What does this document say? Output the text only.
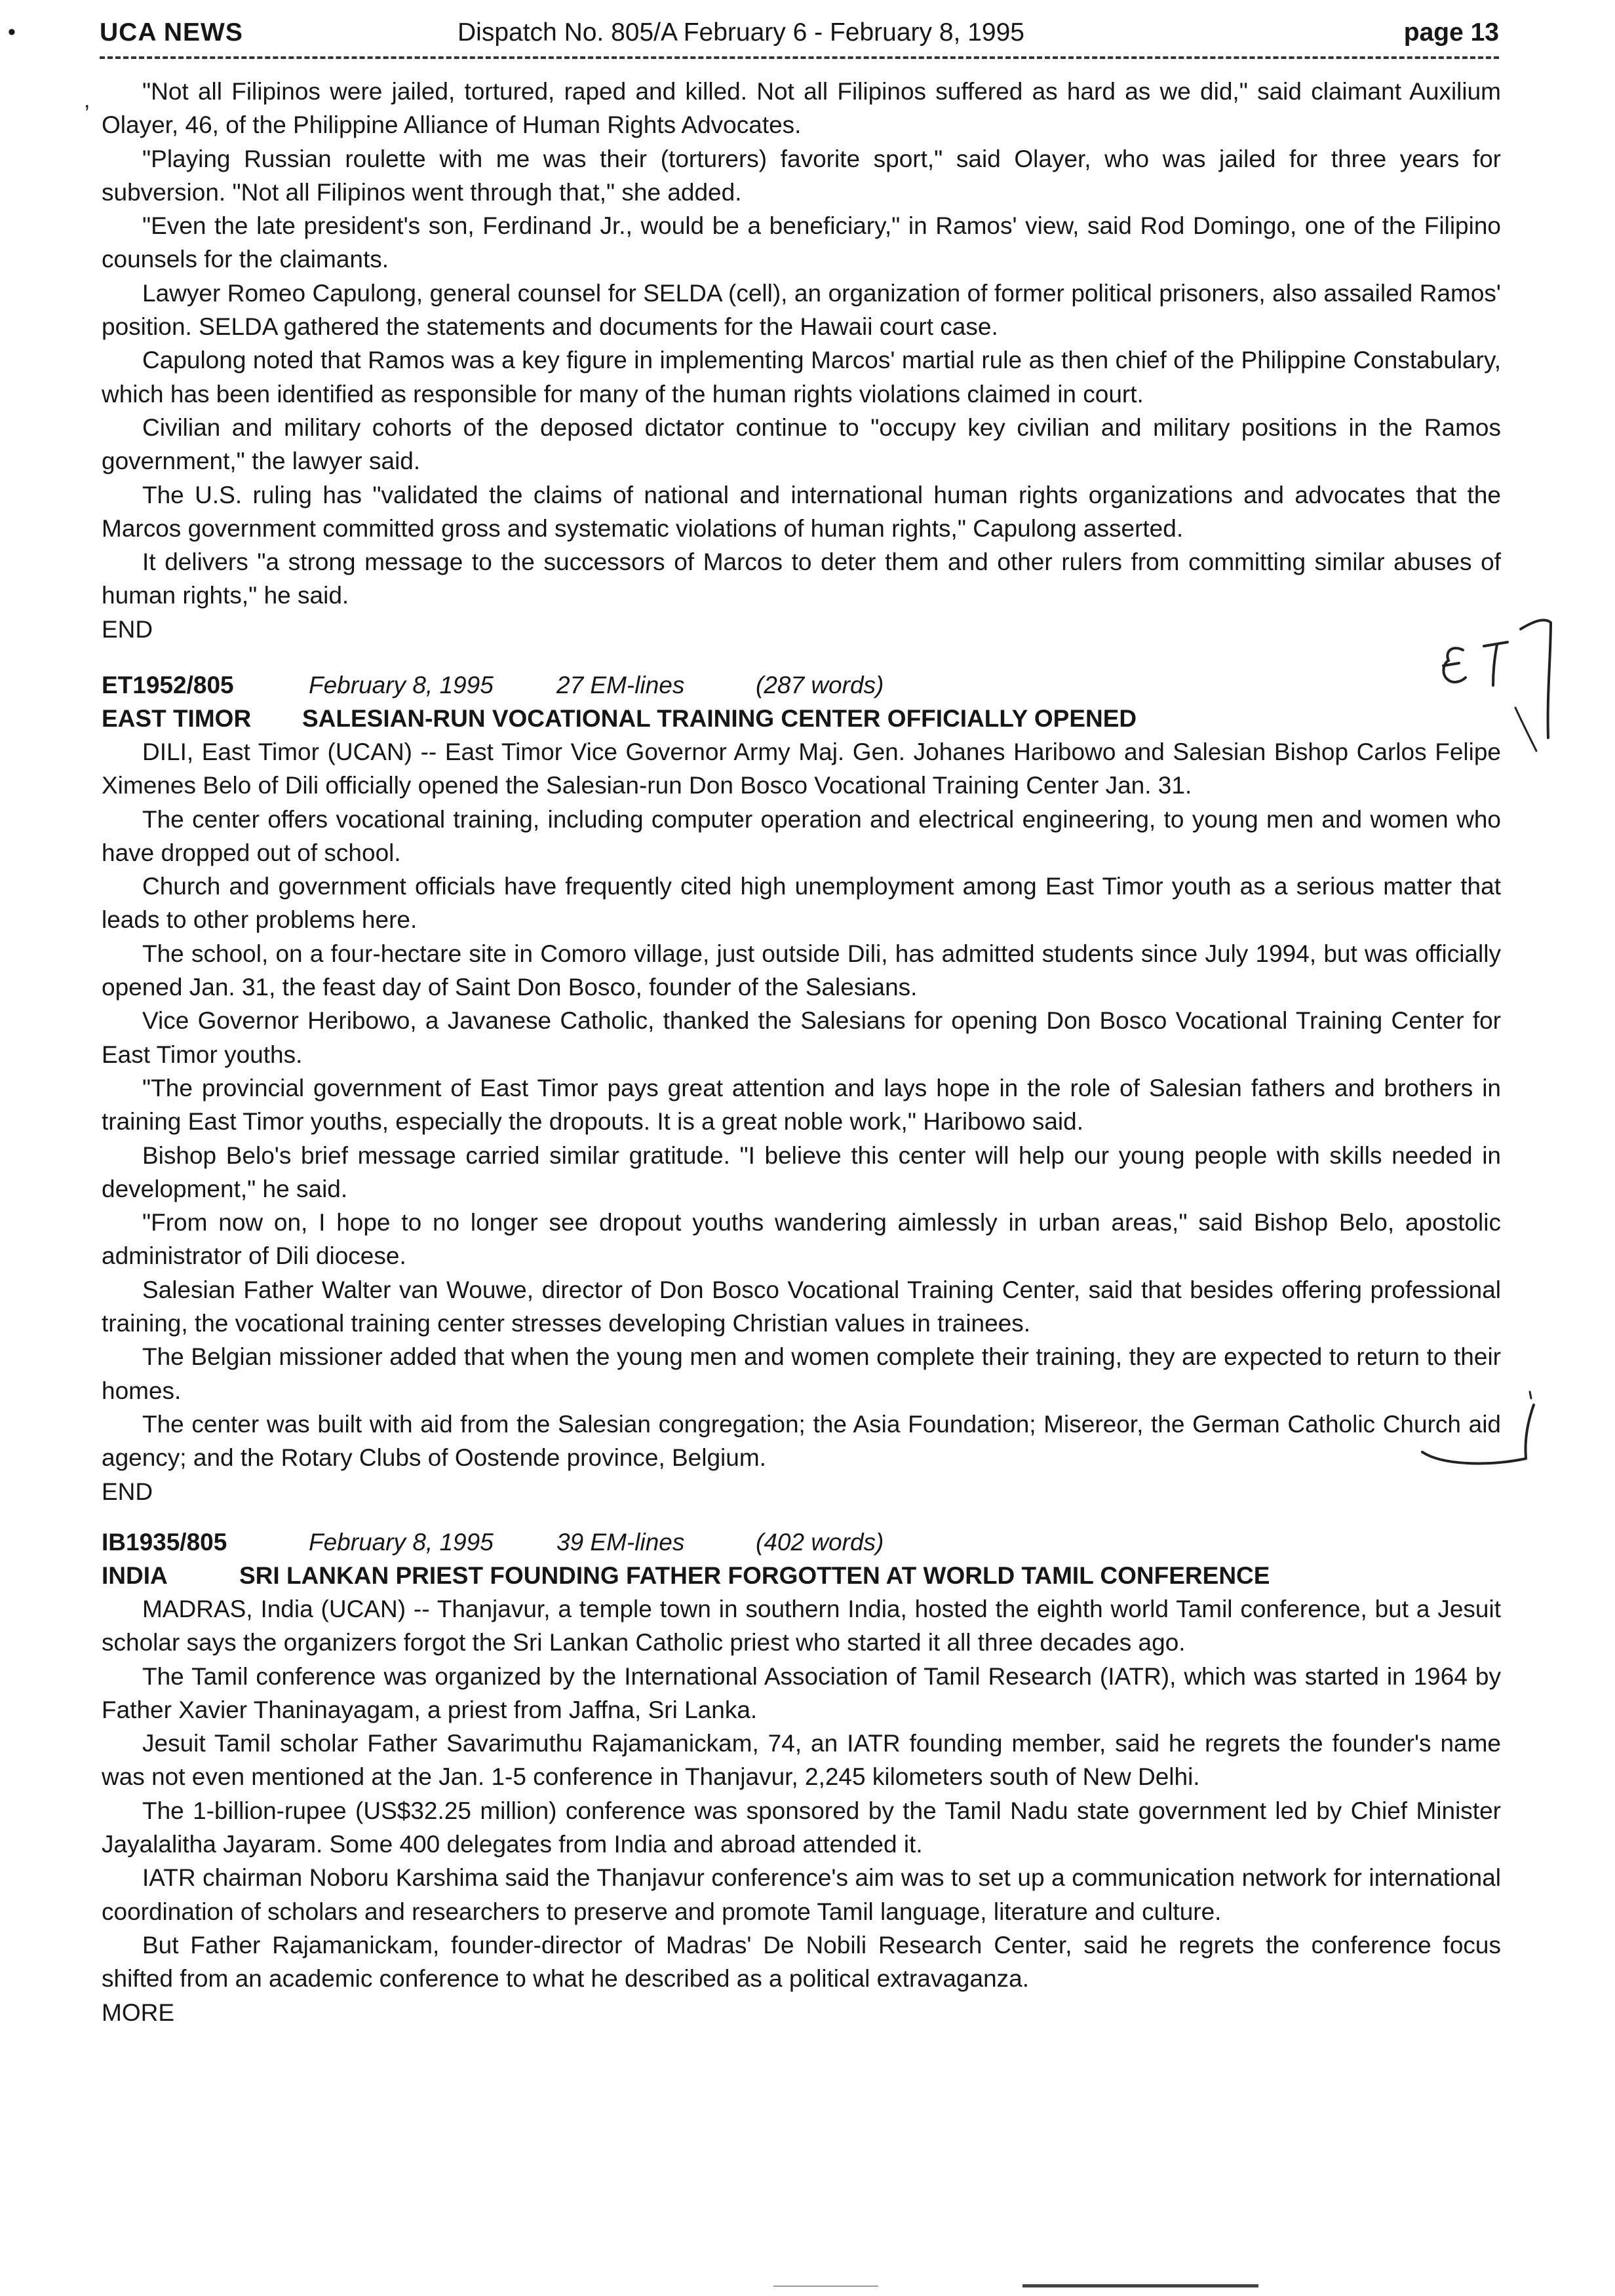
•	UCA NEWS	Dispatch No. 805/A February 6 - February 8, 1995	page 13
,	"Not all Filipinos were jailed, tortured, raped and killed. Not all Filipinos suffered as hard as we did," said claimant Auxilium Olayer, 46, of the Philippine Alliance of Human Rights Advocates.

"Playing Russian roulette with me was their (torturers) favorite sport," said Olayer, who was jailed for three years for subversion. "Not all Filipinos went through that," she added.

"Even the late president's son, Ferdinand Jr., would be a beneficiary," in Ramos' view, said Rod Domingo, one of the Filipino counsels for the claimants.

Lawyer Romeo Capulong, general counsel for SELDA (cell), an organization of former political prisoners, also assailed Ramos' position. SELDA gathered the statements and documents for the Hawaii court case.

Capulong noted that Ramos was a key figure in implementing Marcos' martial rule as then chief of the Philippine Constabulary, which has been identified as responsible for many of the human rights violations claimed in court.

Civilian and military cohorts of the deposed dictator continue to "occupy key civilian and military positions in the Ramos government," the lawyer said.

The U.S. ruling has "validated the claims of national and international human rights organizations and advocates that the Marcos government committed gross and systematic violations of human rights," Capulong asserted.

It delivers "a strong message to the successors of Marcos to deter them and other rulers from committing similar abuses of human rights," he said.

END

ET1952/805	February 8, 1995	27 EM-lines	(287 words)
EAST TIMOR SALESIAN-RUN VOCATIONAL TRAINING CENTER OFFICIALLY OPENED

DILI, East Timor (UCAN) -- East Timor Vice Governor Army Maj. Gen. Johanes Haribowo and Salesian Bishop Carlos Felipe Ximenes Belo of Dili officially opened the Salesian-run Don Bosco Vocational Training Center Jan. 31.

The center offers vocational training, including computer operation and electrical engineering, to young men and women who have dropped out of school.

Church and government officials have frequently cited high unemployment among East Timor youth as a serious matter that leads to other problems here.

The school, on a four-hectare site in Comoro village, just outside Dili, has admitted students since July 1994, but was officially opened Jan. 31, the feast day of Saint Don Bosco, founder of the Salesians.

Vice Governor Heribowo, a Javanese Catholic, thanked the Salesians for opening Don Bosco Vocational Training Center for East Timor youths.

"The provincial government of East Timor pays great attention and lays hope in the role of Salesian fathers and brothers in training East Timor youths, especially the dropouts. It is a great noble work," Haribowo said.

Bishop Belo's brief message carried similar gratitude. "I believe this center will help our young people with skills needed in development," he said.

"From now on, I hope to no longer see dropout youths wandering aimlessly in urban areas," said Bishop Belo, apostolic administrator of Dili diocese.

Salesian Father Walter van Wouwe, director of Don Bosco Vocational Training Center, said that besides offering professional training, the vocational training center stresses developing Christian values in trainees.

The Belgian missioner added that when the young men and women complete their training, they are expected to return to their homes.

The center was built with aid from the Salesian congregation; the Asia Foundation; Misereor, the German Catholic Church aid agency; and the Rotary Clubs of Oostende province, Belgium.

END

IB1935/805	February 8, 1995	39 EM-lines	(402 words)
INDIA	SRI LANKAN PRIEST FOUNDING FATHER FORGOTTEN AT WORLD TAMIL CONFERENCE

MADRAS, India (UCAN) -- Thanjavur, a temple town in southern India, hosted the eighth world Tamil conference, but a Jesuit scholar says the organizers forgot the Sri Lankan Catholic priest who started it all three decades ago.

The Tamil conference was organized by the International Association of Tamil Research (IATR), which was started in 1964 by Father Xavier Thaninayagam, a priest from Jaffna, Sri Lanka.

Jesuit Tamil scholar Father Savarimuthu Rajamanickam, 74, an IATR founding member, said he regrets the founder's name was not even mentioned at the Jan. 1-5 conference in Thanjavur, 2,245 kilometers south of New Delhi.

The 1-billion-rupee (US$32.25 million) conference was sponsored by the Tamil Nadu state government led by Chief Minister Jayalalitha Jayaram. Some 400 delegates from India and abroad attended it.

IATR chairman Noboru Karshima said the Thanjavur conference's aim was to set up a communication network for international coordination of scholars and researchers to preserve and promote Tamil language, literature and culture.

But Father Rajamanickam, founder-director of Madras' De Nobili Research Center, said he regrets the conference focus shifted from an academic conference to what he described as a political extravaganza.

MORE
